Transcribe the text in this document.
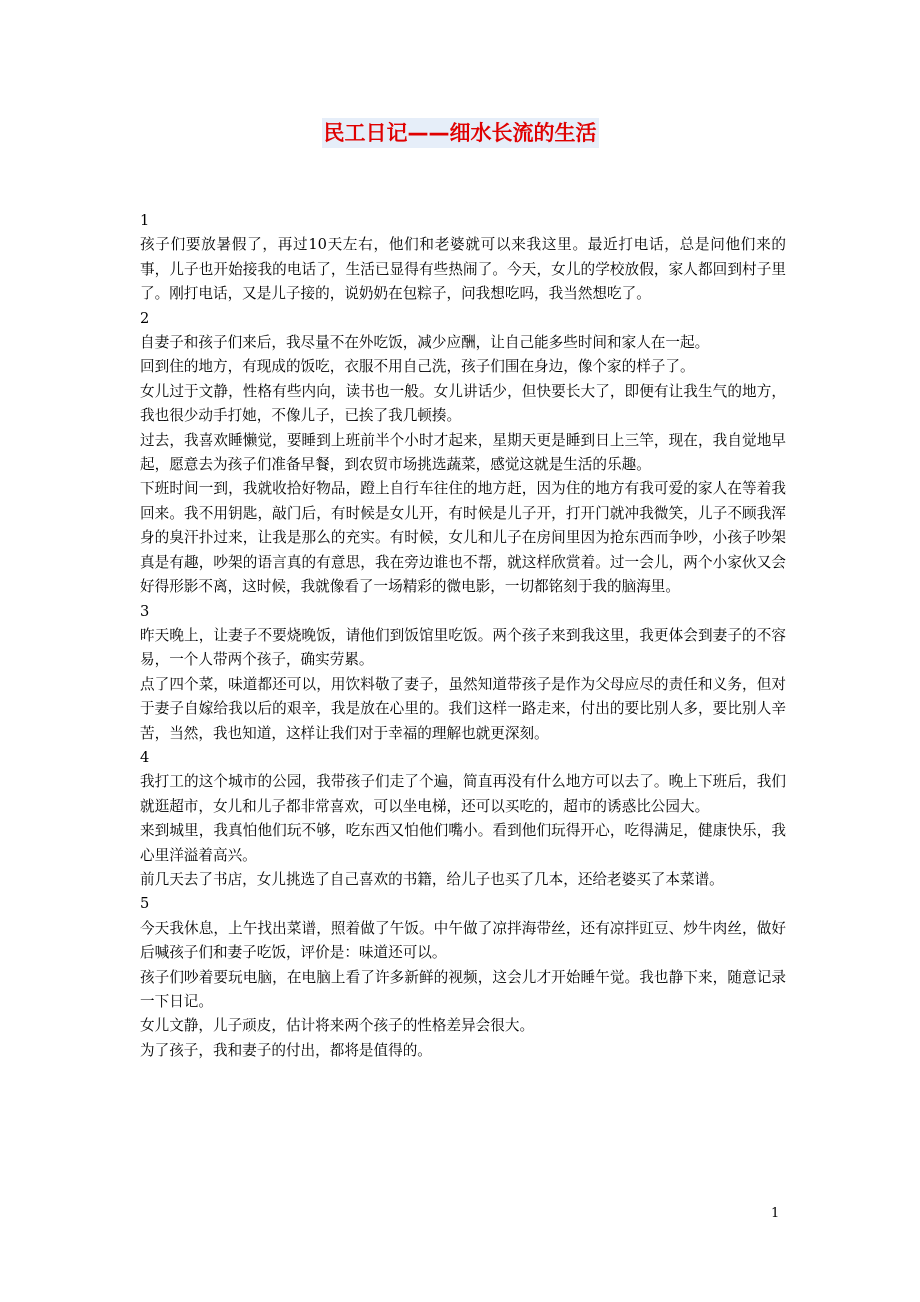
民工日记——细水长流的生活

1

孩子们要放暑假了，再过10天左右，他们和老婆就可以来我这里。最近打电话，总是问他们来的事，儿子也开始接我的电话了，生活已显得有些热闹了。今天，女儿的学校放假，家人都回到村子里了。刚打电话，又是儿子接的，说奶奶在包粽子，问我想吃吗，我当然想吃了。

2

自妻子和孩子们来后，我尽量不在外吃饭，减少应酬，让自己能多些时间和家人在一起。

回到住的地方，有现成的饭吃，衣服不用自己洗，孩子们围在身边，像个家的样子了。

女儿过于文静，性格有些内向，读书也一般。女儿讲话少，但快要长大了，即便有让我生气的地方，我也很少动手打她，不像儿子，已挨了我几顿揍。

过去，我喜欢睡懒觉，要睡到上班前半个小时才起来，星期天更是睡到日上三竿，现在，我自觉地早起，愿意去为孩子们准备早餐，到农贸市场挑选蔬菜，感觉这就是生活的乐趣。

下班时间一到，我就收拾好物品，蹬上自行车往住的地方赶，因为住的地方有我可爱的家人在等着我回来。我不用钥匙，敲门后，有时候是女儿开，有时候是儿子开，打开门就冲我微笑，儿子不顾我浑身的臭汗扑过来，让我是那么的充实。有时候，女儿和儿子在房间里因为抢东西而争吵，小孩子吵架真是有趣，吵架的语言真的有意思，我在旁边谁也不帮，就这样欣赏着。过一会儿，两个小家伙又会好得形影不离，这时候，我就像看了一场精彩的微电影，一切都铭刻于我的脑海里。

3

昨天晚上，让妻子不要烧晚饭，请他们到饭馆里吃饭。两个孩子来到我这里，我更体会到妻子的不容易，一个人带两个孩子，确实劳累。

点了四个菜，味道都还可以，用饮料敬了妻子，虽然知道带孩子是作为父母应尽的责任和义务，但对于妻子自嫁给我以后的艰辛，我是放在心里的。我们这样一路走来，付出的要比别人多，要比别人辛苦，当然，我也知道，这样让我们对于幸福的理解也就更深刻。

4

我打工的这个城市的公园，我带孩子们走了个遍，简直再没有什么地方可以去了。晚上下班后，我们就逛超市，女儿和儿子都非常喜欢，可以坐电梯，还可以买吃的，超市的诱惑比公园大。

来到城里，我真怕他们玩不够，吃东西又怕他们嘴小。看到他们玩得开心，吃得满足，健康快乐，我心里洋溢着高兴。

前几天去了书店，女儿挑选了自己喜欢的书籍，给儿子也买了几本，还给老婆买了本菜谱。

5

今天我休息，上午找出菜谱，照着做了午饭。中午做了凉拌海带丝，还有凉拌豇豆、炒牛肉丝，做好后喊孩子们和妻子吃饭，评价是：味道还可以。

孩子们吵着要玩电脑，在电脑上看了许多新鲜的视频，这会儿才开始睡午觉。我也静下来，随意记录一下日记。

女儿文静，儿子顽皮，估计将来两个孩子的性格差异会很大。

为了孩子，我和妻子的付出，都将是值得的。

1
